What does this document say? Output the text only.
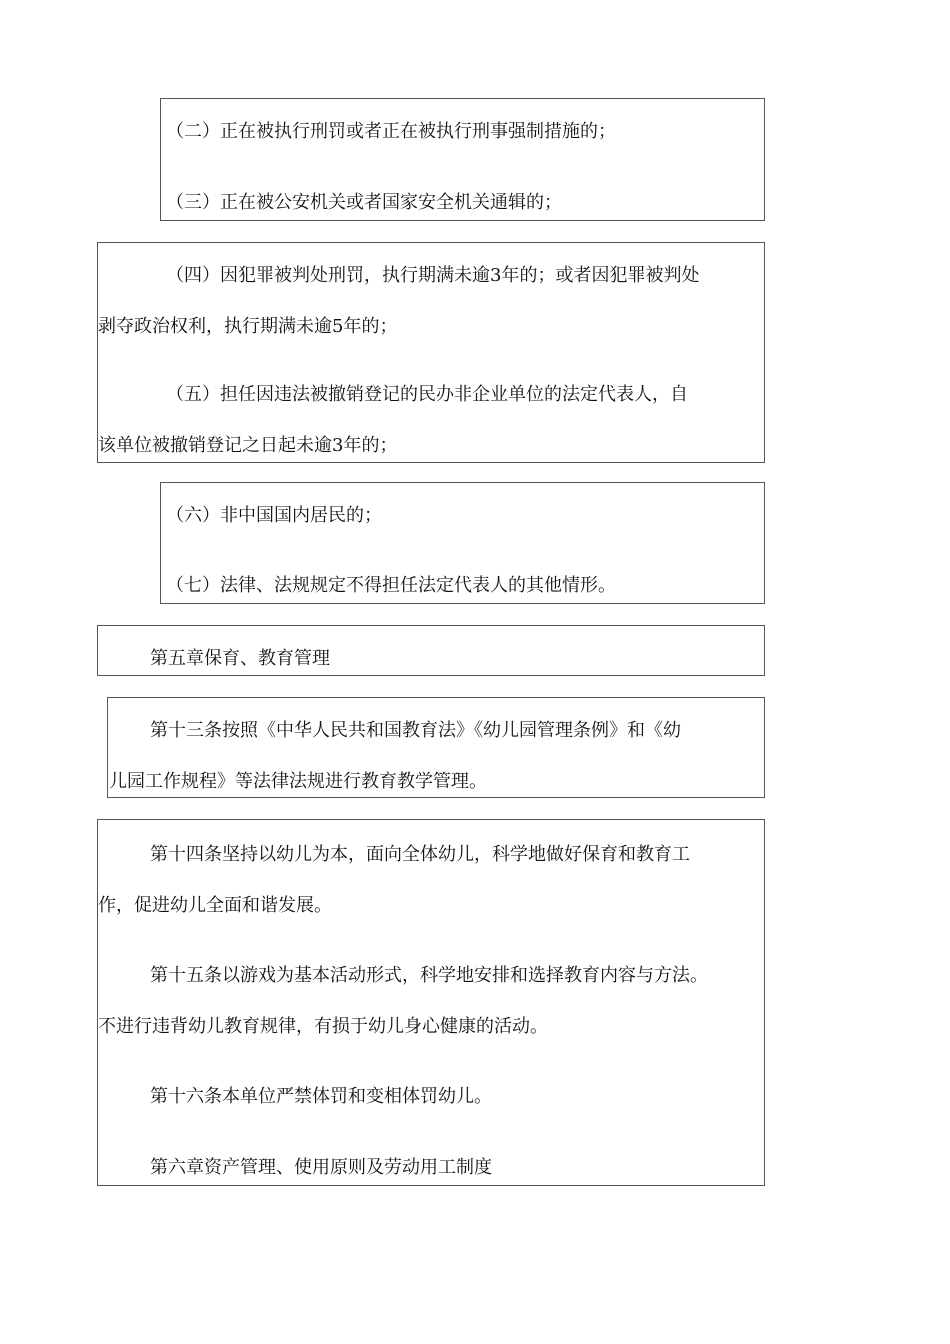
（二）正在被执行刑罚或者正在被执行刑事强制措施的；
（三）正在被公安机关或者国家安全机关通辑的；
（四）因犯罪被判处刑罚，执行期满未逾3年的；或者因犯罪被判处
剥夺政治权利，执行期满未逾5年的；
（五）担任因违法被撤销登记的民办非企业单位的法定代表人，自
该单位被撤销登记之日起未逾3年的；
（六）非中国国内居民的；
（七）法律、法规规定不得担任法定代表人的其他情形。
第五章保育、教育管理
第十三条按照《中华人民共和国教育法》《幼儿园管理条例》和《幼
儿园工作规程》等法律法规进行教育教学管理。
第十四条坚持以幼儿为本，面向全体幼儿，科学地做好保育和教育工
作，促进幼儿全面和谐发展。
第十五条以游戏为基本活动形式，科学地安排和选择教育内容与方法。
不进行违背幼儿教育规律，有损于幼儿身心健康的活动。
第十六条本单位严禁体罚和变相体罚幼儿。
第六章资产管理、使用原则及劳动用工制度
